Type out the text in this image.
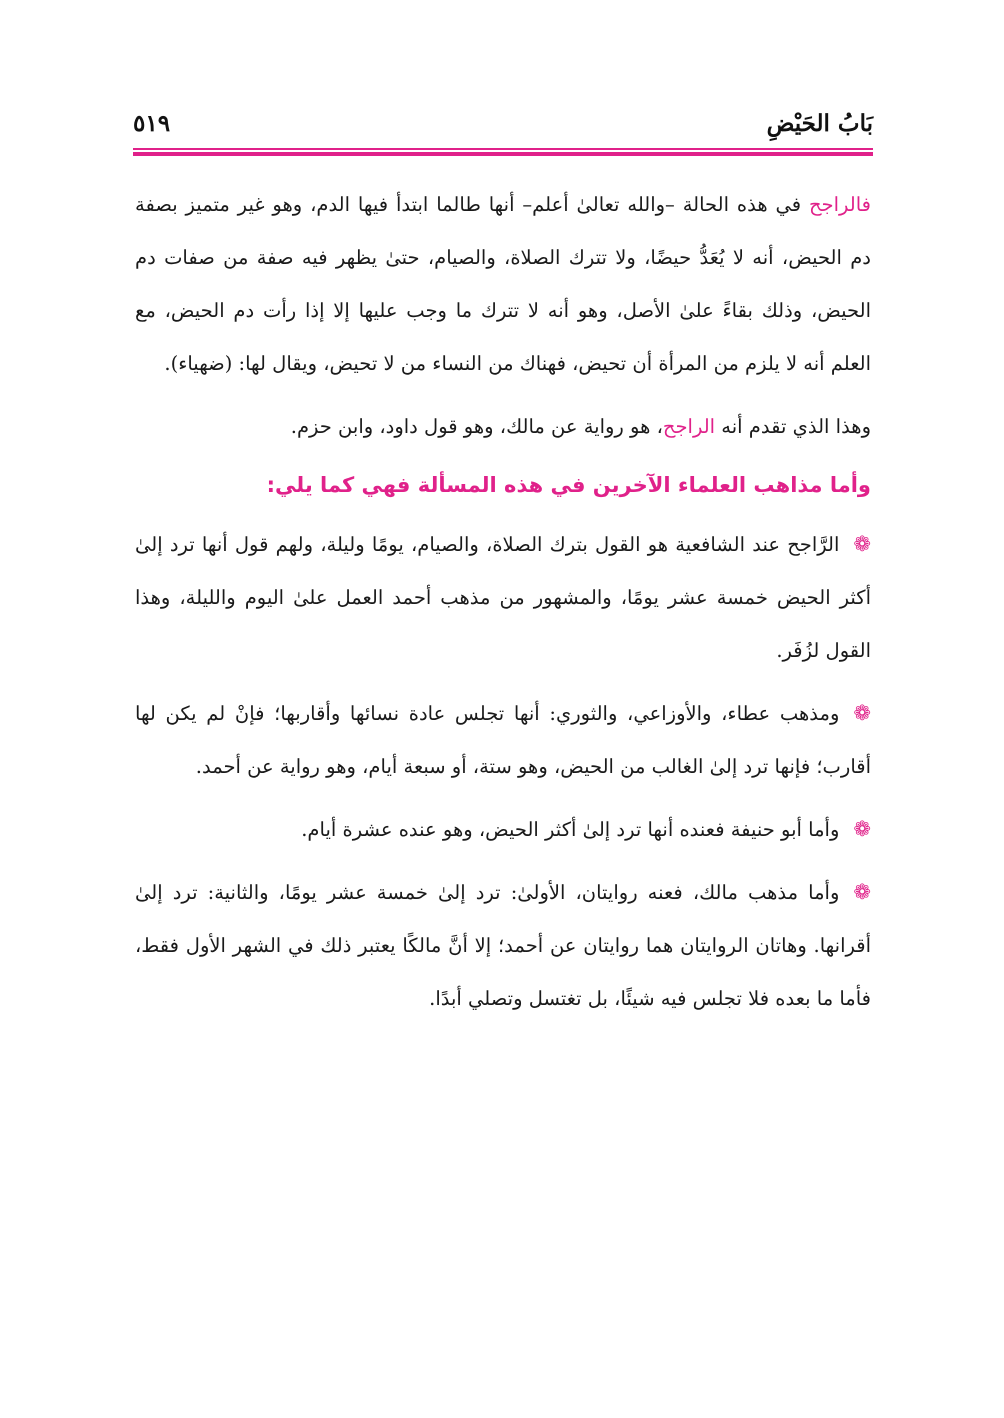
بَابُ الحَيْضِ
٥١٩

فالراجح في هذه الحالة –والله تعالىٰ أعلم– أنها طالما ابتدأ فيها الدم، وهو غير متميز بصفة دم الحيض، أنه لا يُعَدُّ حيضًا، ولا تترك الصلاة، والصيام، حتىٰ يظهر فيه صفة من صفات دم الحيض، وذلك بقاءً علىٰ الأصل، وهو أنه لا تترك ما وجب عليها إلا إذا رأت دم الحيض، مع العلم أنه لا يلزم من المرأة أن تحيض، فهناك من النساء من لا تحيض، ويقال لها: (ضهياء).

وهذا الذي تقدم أنه الراجح، هو رواية عن مالك، وهو قول داود، وابن حزم.

وأما مذاهب العلماء الآخرين في هذه المسألة فهي كما يلي:

❁الرَّاجح عند الشافعية هو القول بترك الصلاة، والصيام، يومًا وليلة، ولهم قول أنها ترد إلىٰ أكثر الحيض خمسة عشر يومًا، والمشهور من مذهب أحمد العمل علىٰ اليوم والليلة، وهذا القول لزُفَر.

❁ومذهب عطاء، والأوزاعي، والثوري: أنها تجلس عادة نسائها وأقاربها؛ فإنْ لم يكن لها أقارب؛ فإنها ترد إلىٰ الغالب من الحيض، وهو ستة، أو سبعة أيام، وهو رواية عن أحمد.

❁وأما أبو حنيفة فعنده أنها ترد إلىٰ أكثر الحيض، وهو عنده عشرة أيام.

❁وأما مذهب مالك، فعنه روايتان، الأولىٰ: ترد إلىٰ خمسة عشر يومًا، والثانية: ترد إلىٰ أقرانها. وهاتان الروايتان هما روايتان عن أحمد؛ إلا أنَّ مالكًا يعتبر ذلك في الشهر الأول فقط، فأما ما بعده فلا تجلس فيه شيئًا، بل تغتسل وتصلي أبدًا.
